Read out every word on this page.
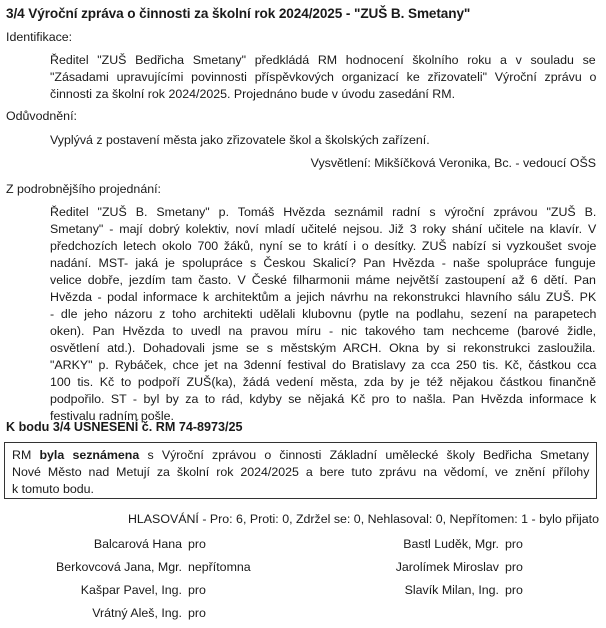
3/4 Výroční zpráva o činnosti za školní rok 2024/2025 - "ZUŠ B. Smetany"
Identifikace:
Ředitel "ZUŠ Bedřicha Smetany" předkládá RM hodnocení školního roku a v souladu se
"Zásadami upravujícími povinnosti příspěvkových organizací ke zřizovateli" Výroční zprávu o
činnosti za školní rok 2024/2025. Projednáno bude v úvodu zasedání RM.
Odůvodnění:
Vyplývá z postavení města jako zřizovatele škol a školských zařízení.
Vysvětlení: Mikšíčková Veronika, Bc. - vedoucí OŠS
Z podrobnějšího projednání:
Ředitel "ZUŠ B. Smetany" p. Tomáš Hvězda seznámil radní s výroční zprávou "ZUŠ B.
Smetany" - mají dobrý kolektiv, noví mladí učitelé nejsou. Již 3 roky shání učitele na klavír. V
předchozích letech okolo 700 žáků, nyní se to krátí i o desítky. ZUŠ nabízí si vyzkoušet svoje
nadání. MST- jaká je spolupráce s Českou Skalicí? Pan Hvězda - naše spolupráce funguje
velice dobře, jezdím tam často. V České filharmonii máme největší zastoupení až 6 dětí. Pan
Hvězda - podal informace k architektům a jejich návrhu na rekonstrukci hlavního sálu ZUŠ. PK
- dle jeho názoru z toho architekti udělali klubovnu (pytle na podlahu, sezení na parapetech
oken). Pan Hvězda to uvedl na pravou míru - nic takového tam nechceme (barové židle,
osvětlení atd.). Dohadovali jsme se s městským ARCH. Okna by si rekonstrukci zasloužila.
"ARKY" p. Rybáček, chce jet na 3denní festival do Bratislavy za cca 250 tis. Kč, částkou cca
100 tis. Kč to podpoří ZUŠ(ka), žádá vedení města, zda by je též nějakou částkou finančně
podpořilo. ST - byl by za to rád, kdyby se nějaká Kč pro to našla. Pan Hvězda informace k
festivalu radním pošle.
K bodu 3/4 USNESENÍ č. RM 74-8973/25
RM byla seznámena s Výroční zprávou o činnosti Základní umělecké školy Bedřicha Smetany
Nové Město nad Metují za školní rok 2024/2025 a bere tuto zprávu na vědomí, ve znění přílohy
k tomuto bodu.
HLASOVÁNÍ - Pro: 6, Proti: 0, Zdržel se: 0, Nehlasoval: 0, Nepřítomen: 1 - bylo přijato
Balcarová Hana
Berkovcová Jana, Mgr.
Kašpar Pavel, Ing.
Vrátný Aleš, Ing.
pro
nepřítomna
pro
pro
Bastl Luděk, Mgr.
Jarolímek Miroslav
Slavík Milan, Ing.
pro
pro
pro
